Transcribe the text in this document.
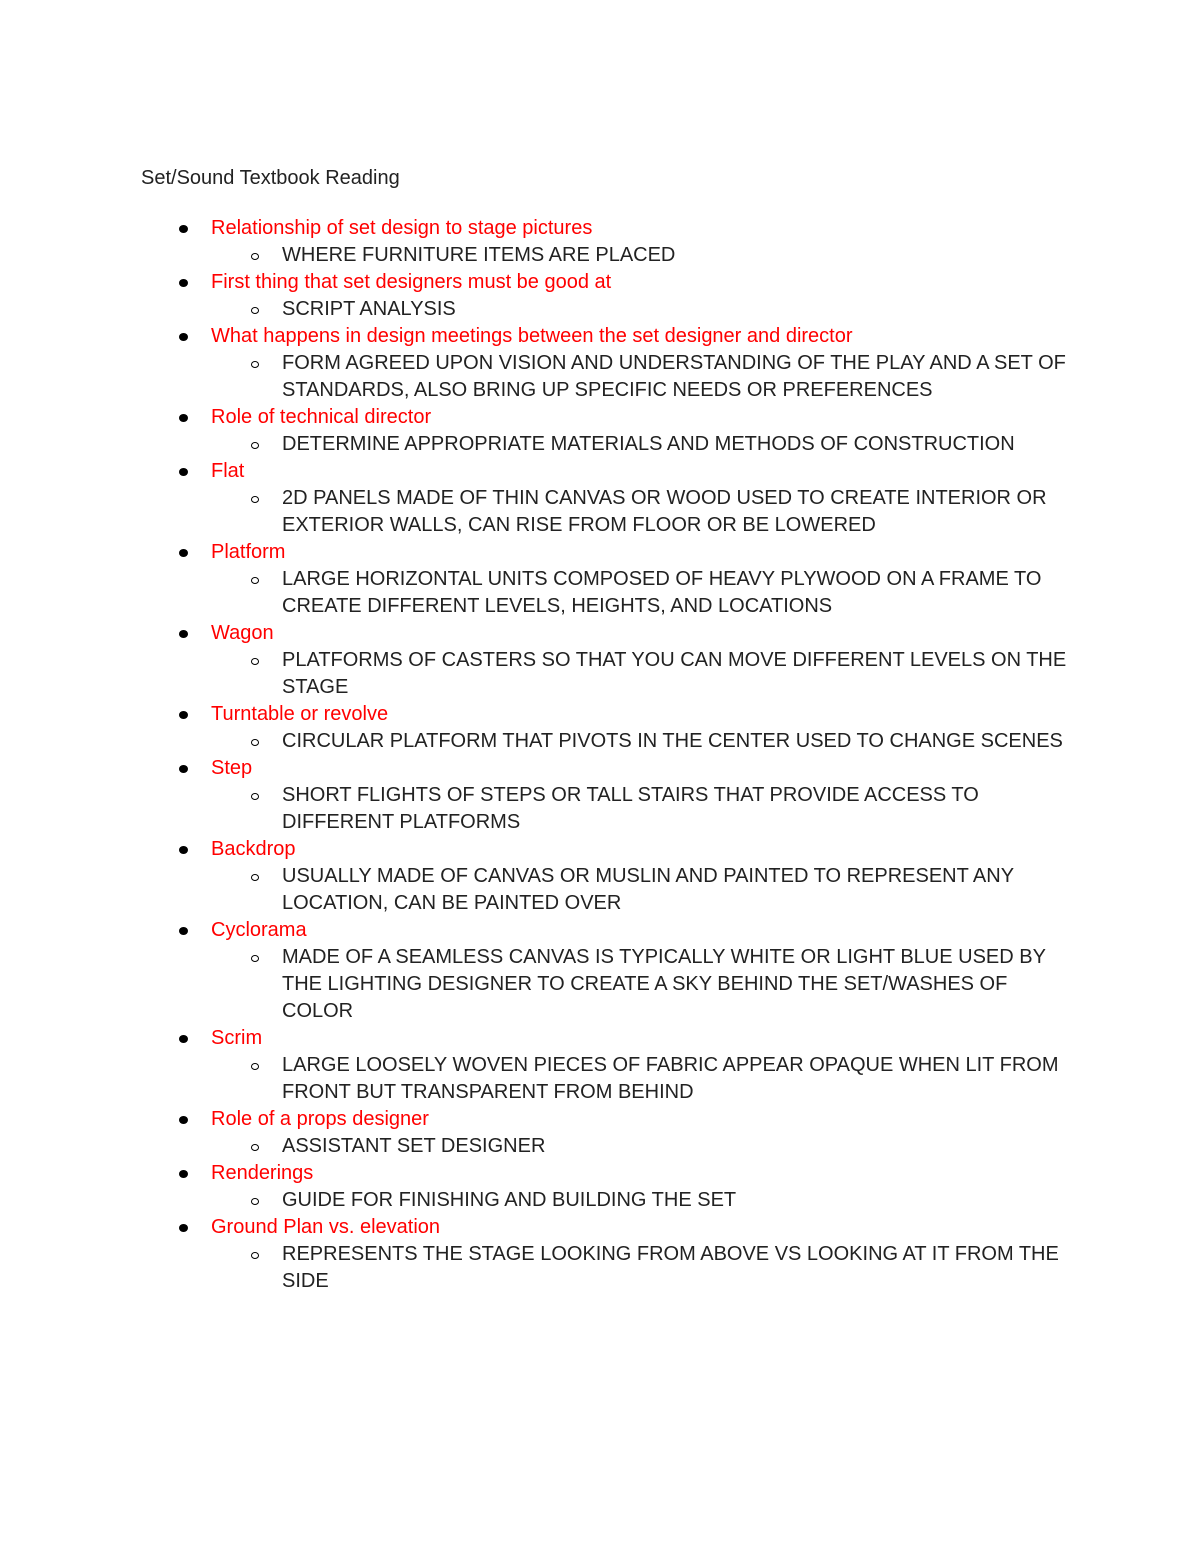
Set/Sound Textbook Reading
Relationship of set design to stage pictures
WHERE FURNITURE ITEMS ARE PLACED
First thing that set designers must be good at
SCRIPT ANALYSIS
What happens in design meetings between the set designer and director
FORM AGREED UPON VISION AND UNDERSTANDING OF THE PLAY AND A SET OF STANDARDS, ALSO BRING UP SPECIFIC NEEDS OR PREFERENCES
Role of technical director
DETERMINE APPROPRIATE MATERIALS AND METHODS OF CONSTRUCTION
Flat
2D PANELS MADE OF THIN CANVAS OR WOOD USED TO CREATE INTERIOR OR EXTERIOR WALLS, CAN RISE FROM FLOOR OR BE LOWERED
Platform
LARGE HORIZONTAL UNITS COMPOSED OF HEAVY PLYWOOD ON A FRAME TO CREATE DIFFERENT LEVELS, HEIGHTS, AND LOCATIONS
Wagon
PLATFORMS OF CASTERS SO THAT YOU CAN MOVE DIFFERENT LEVELS ON THE STAGE
Turntable or revolve
CIRCULAR PLATFORM THAT PIVOTS IN THE CENTER USED TO CHANGE SCENES
Step
SHORT FLIGHTS OF STEPS OR TALL STAIRS THAT PROVIDE ACCESS TO DIFFERENT PLATFORMS
Backdrop
USUALLY MADE OF CANVAS OR MUSLIN AND PAINTED TO REPRESENT ANY LOCATION, CAN BE PAINTED OVER
Cyclorama
MADE OF A SEAMLESS CANVAS IS TYPICALLY WHITE OR LIGHT BLUE USED BY THE LIGHTING DESIGNER TO CREATE A SKY BEHIND THE SET/WASHES OF COLOR
Scrim
LARGE LOOSELY WOVEN PIECES OF FABRIC APPEAR OPAQUE WHEN LIT FROM FRONT BUT TRANSPARENT FROM BEHIND
Role of a props designer
ASSISTANT SET DESIGNER
Renderings
GUIDE FOR FINISHING AND BUILDING THE SET
Ground Plan vs. elevation
REPRESENTS THE STAGE LOOKING FROM ABOVE VS LOOKING AT IT FROM THE SIDE
